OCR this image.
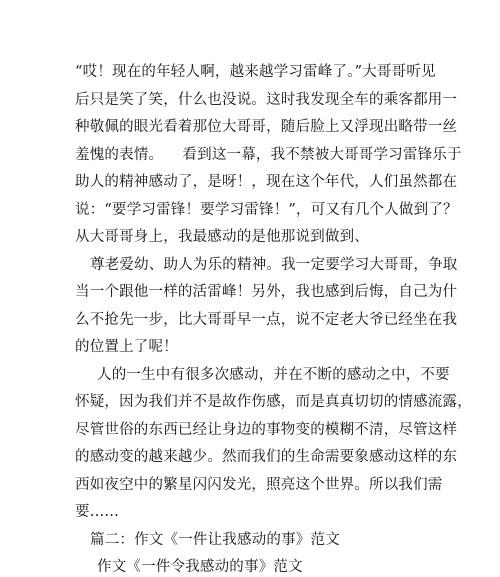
“哎！现在的年轻人啊，越来越学习雷峰了。”大哥哥听见
后只是笑了笑，什么也没说。这时我发现全车的乘客都用一
种敬佩的眼光看着那位大哥哥，随后脸上又浮现出略带一丝
羞愧的表情。    看到这一幕，我不禁被大哥哥学习雷锋乐于
助人的精神感动了，是呀！，现在这个年代，人们虽然都在
说：“要学习雷锋！要学习雷锋！”，可又有几个人做到了？
从大哥哥身上，我最感动的是他那说到做到、
尊老爱幼、助人为乐的精神。我一定要学习大哥哥，争取
当一个跟他一样的活雷峰！另外，我也感到后悔，自己为什
么不抢先一步，比大哥哥早一点，说不定老大爷已经坐在我
的位置上了呢！
人的一生中有很多次感动，并在不断的感动之中，不要
怀疑，因为我们并不是故作伤感，而是真真切切的情感流露，
尽管世俗的东西已经让身边的事物变的模糊不清，尽管这样
的感动变的越来越少。然而我们的生命需要象感动这样的东
西如夜空中的繁星闪闪发光，照亮这个世界。所以我们需
要……
篇二：作文《一件让我感动的事》范文
作文《一件令我感动的事》范文
